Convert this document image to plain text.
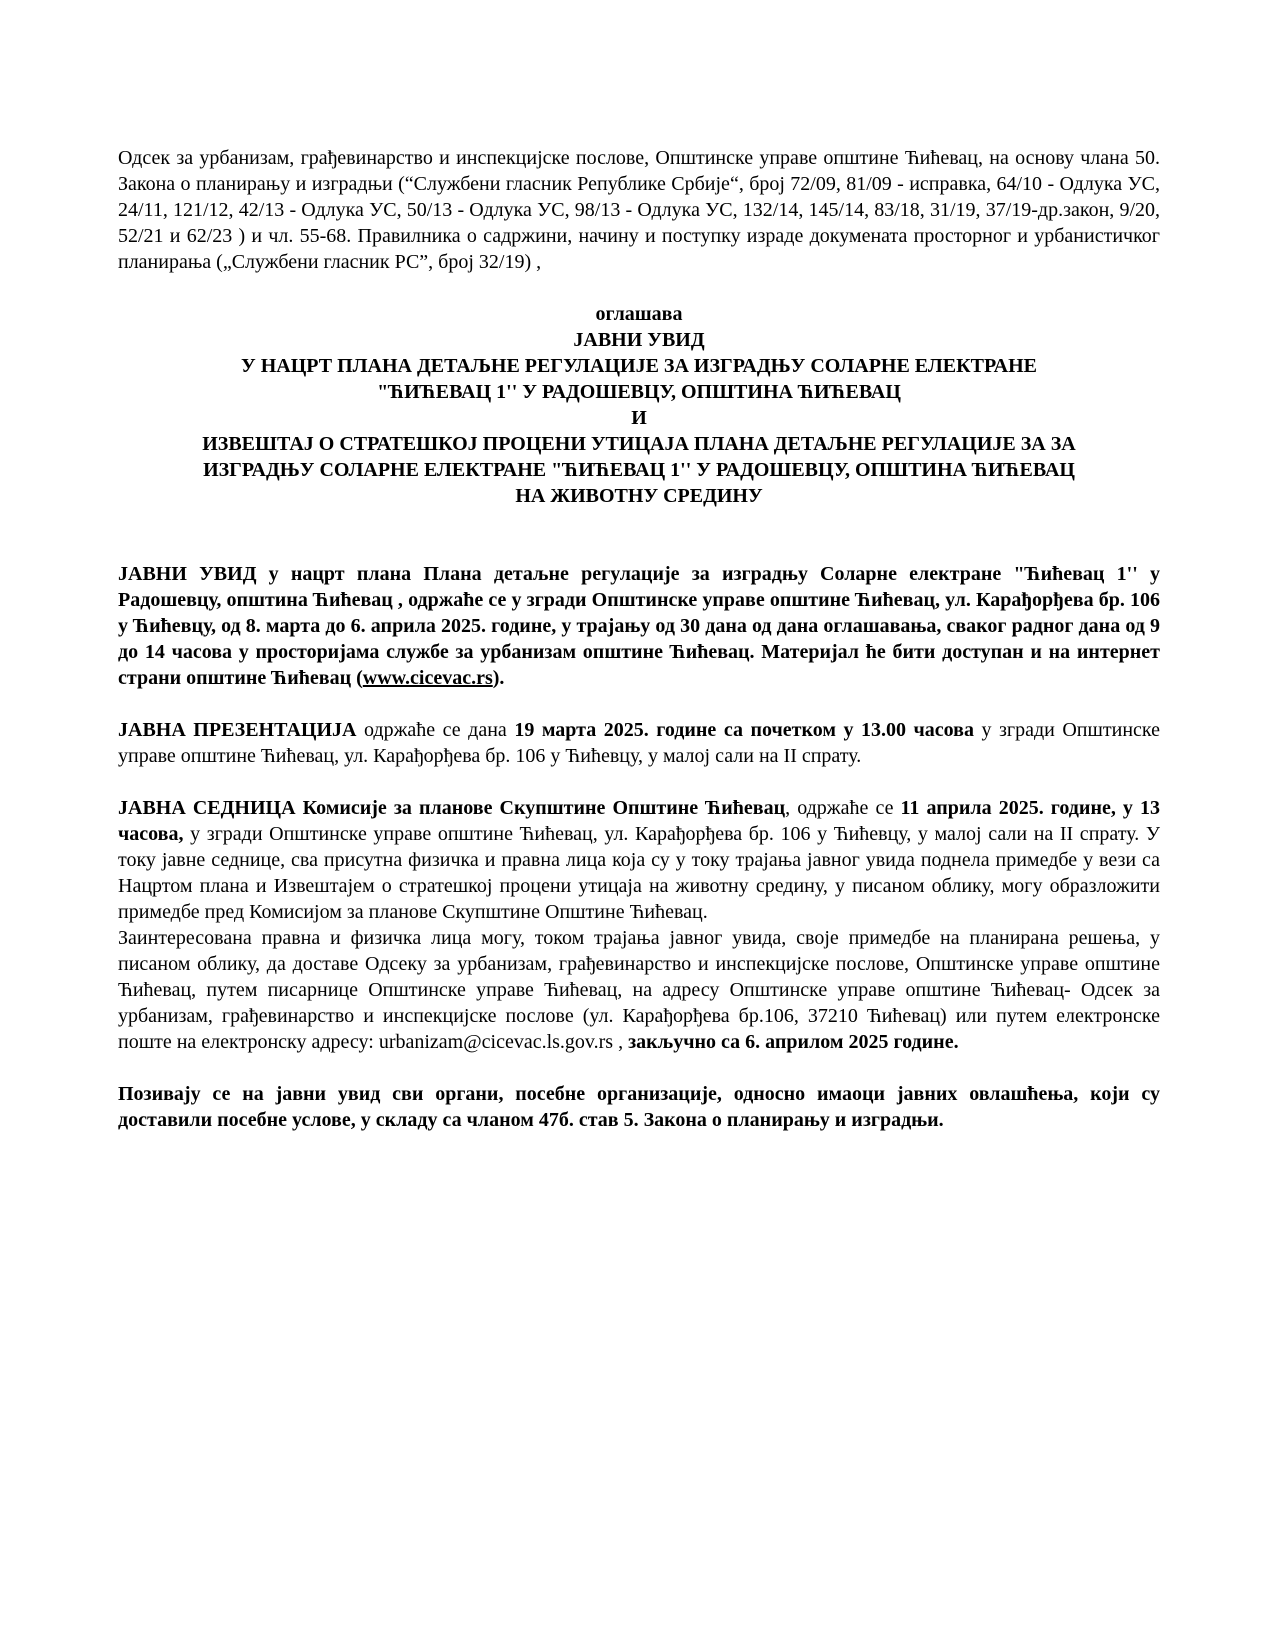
Одсек за урбанизам, грађевинарство и инспекцијске послове, Општинске управе општине Ћићевац, на основу члана 50. Закона о планирању и изградњи (“Службени гласник Републике Србије“, број 72/09, 81/09 - исправка, 64/10 - Одлука УС, 24/11, 121/12, 42/13 - Одлука УС, 50/13 - Одлука УС, 98/13 - Одлука УС, 132/14, 145/14, 83/18, 31/19, 37/19-др.закон, 9/20, 52/21 и 62/23 ) и чл. 55-68. Правилника о садржини, начину и поступку израде докумената просторног и урбанистичког планирања („Службени гласник РС”, број 32/19) ,

оглашава
ЈАВНИ УВИД
У НАЦРТ ПЛАНА ДЕТАЉНЕ РЕГУЛАЦИЈЕ ЗА ИЗГРАДЊУ СОЛАРНЕ ЕЛЕКТРАНЕ
"ЋИЋЕВАЦ 1'' У РАДОШЕВЦУ, ОПШТИНА ЋИЋЕВАЦ
И
ИЗВЕШТАЈ О СТРАТЕШКОЈ ПРОЦЕНИ УТИЦАЈА ПЛАНА ДЕТАЉНЕ РЕГУЛАЦИЈЕ ЗА ЗА
ИЗГРАДЊУ СОЛАРНЕ ЕЛЕКТРАНЕ "ЋИЋЕВАЦ 1'' У РАДОШЕВЦУ, ОПШТИНА ЋИЋЕВАЦ
НА ЖИВОТНУ СРЕДИНУ

ЈАВНИ УВИД у нацрт плана Плана детаљне регулације за изградњу Соларне електране "Ћићевац 1'' у Радошевцу, општина Ћићевац , одржаће се у згради Општинске управе општине Ћићевац, ул. Карађорђева бр. 106 у Ћићевцу, од 8. марта до 6. априла 2025. године, у трајању од 30 дана од дана оглашавања, сваког радног дана од 9 до 14 часова у просторијама службе за урбанизам општине Ћићевац. Материјал ће бити доступан и на интернет страни општине Ћићевац (www.cicevac.rs).

ЈАВНА ПРЕЗЕНТАЦИЈА одржаће се дана 19 марта 2025. године са почетком у 13.00 часова у згради Општинске управе општине Ћићевац, ул. Карађорђева бр. 106 у Ћићевцу, у малој сали на II спрату.

ЈАВНА СЕДНИЦА Комисије за планове Скупштине Општине Ћићевац, одржаће се 11 априла 2025. године, у 13 часова, у згради Општинске управе општине Ћићевац, ул. Карађорђева бр. 106 у Ћићевцу, у малој сали на II спрату. У току јавне седнице, сва присутна физичка и правна лица која су у току трајања јавног увида поднела примедбе у вези са Нацртом плана и Извештајем о стратешкој процени утицаја на животну средину, у писаном облику, могу образложити примедбе пред Комисијом за планове Скупштине Општине Ћићевац.

Заинтересована правна и физичка лица могу, током трајања јавног увида, своје примедбе на планирана решења, у писаном облику, да доставе Одсеку за урбанизам, грађевинарство и инспекцијске послове, Општинске управе општине Ћићевац, путем писарнице Општинске управе Ћићевац, на адресу Општинске управе општине Ћићевац- Одсек за урбанизам, грађевинарство и инспекцијске послове (ул. Карађорђева бр.106, 37210 Ћићевац) или путем електронске поште на електронску адресу: urbanizam@cicevac.ls.gov.rs , закључно са 6. априлом 2025 године.

Позивају се на јавни увид сви органи, посебне организације, односно имаоци јавних овлашћења, који су доставили посебне услове, у складу са чланом 47б. став 5. Закона о планирању и изградњи.
